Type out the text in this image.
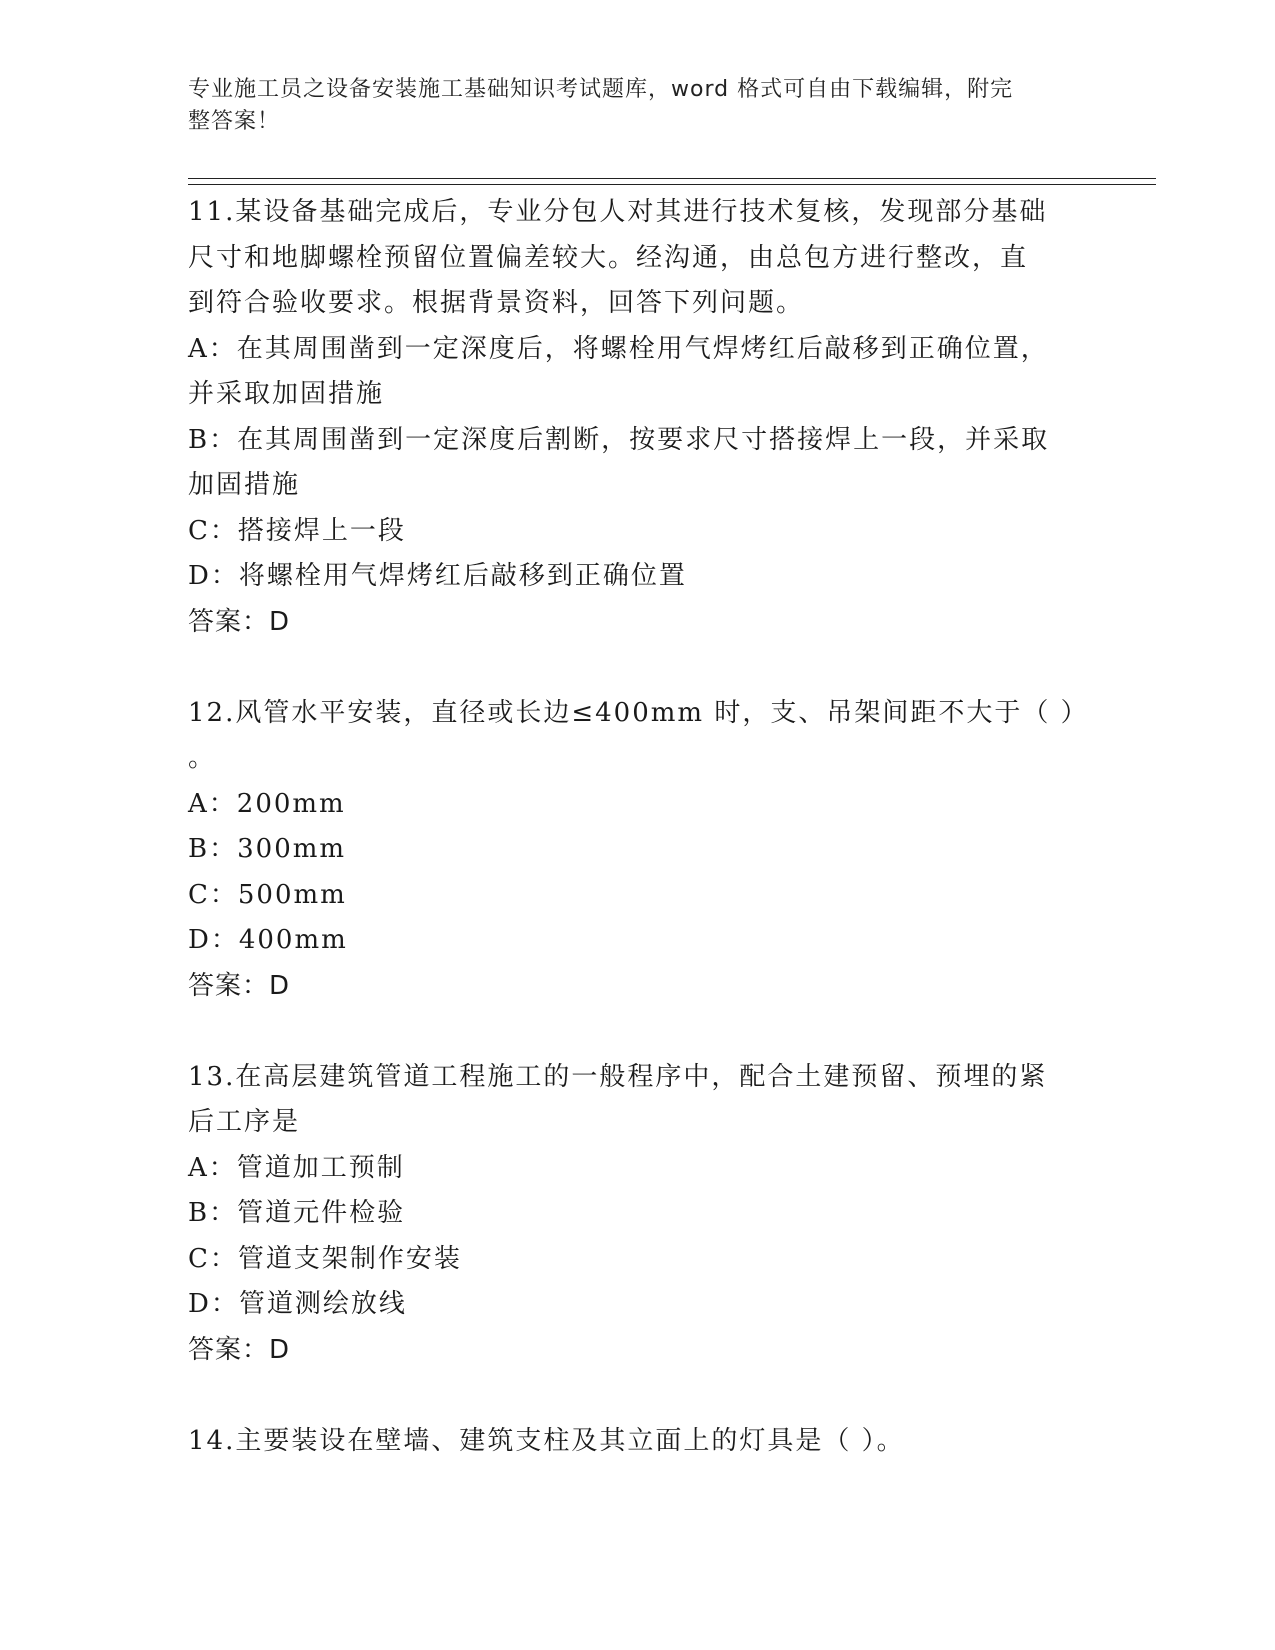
专业施工员之设备安装施工基础知识考试题库，word 格式可自由下载编辑，附完
整答案！
11.某设备基础完成后，专业分包人对其进行技术复核，发现部分基础
尺寸和地脚螺栓预留位置偏差较大。经沟通，由总包方进行整改，直
到符合验收要求。根据背景资料，回答下列问题。
A：在其周围凿到一定深度后，将螺栓用气焊烤红后敲移到正确位置，
并采取加固措施
B：在其周围凿到一定深度后割断，按要求尺寸搭接焊上一段，并采取
加固措施
C：搭接焊上一段
D：将螺栓用气焊烤红后敲移到正确位置
答案：D
12.风管水平安装，直径或长边≤400mm 时，支、吊架间距不大于（ ）
。
A：200mm
B：300mm
C：500mm
D：400mm
答案：D
13.在高层建筑管道工程施工的一般程序中，配合土建预留、预埋的紧
后工序是
A：管道加工预制
B：管道元件检验
C：管道支架制作安装
D：管道测绘放线
答案：D
14.主要装设在壁墙、建筑支柱及其立面上的灯具是（ ）。
